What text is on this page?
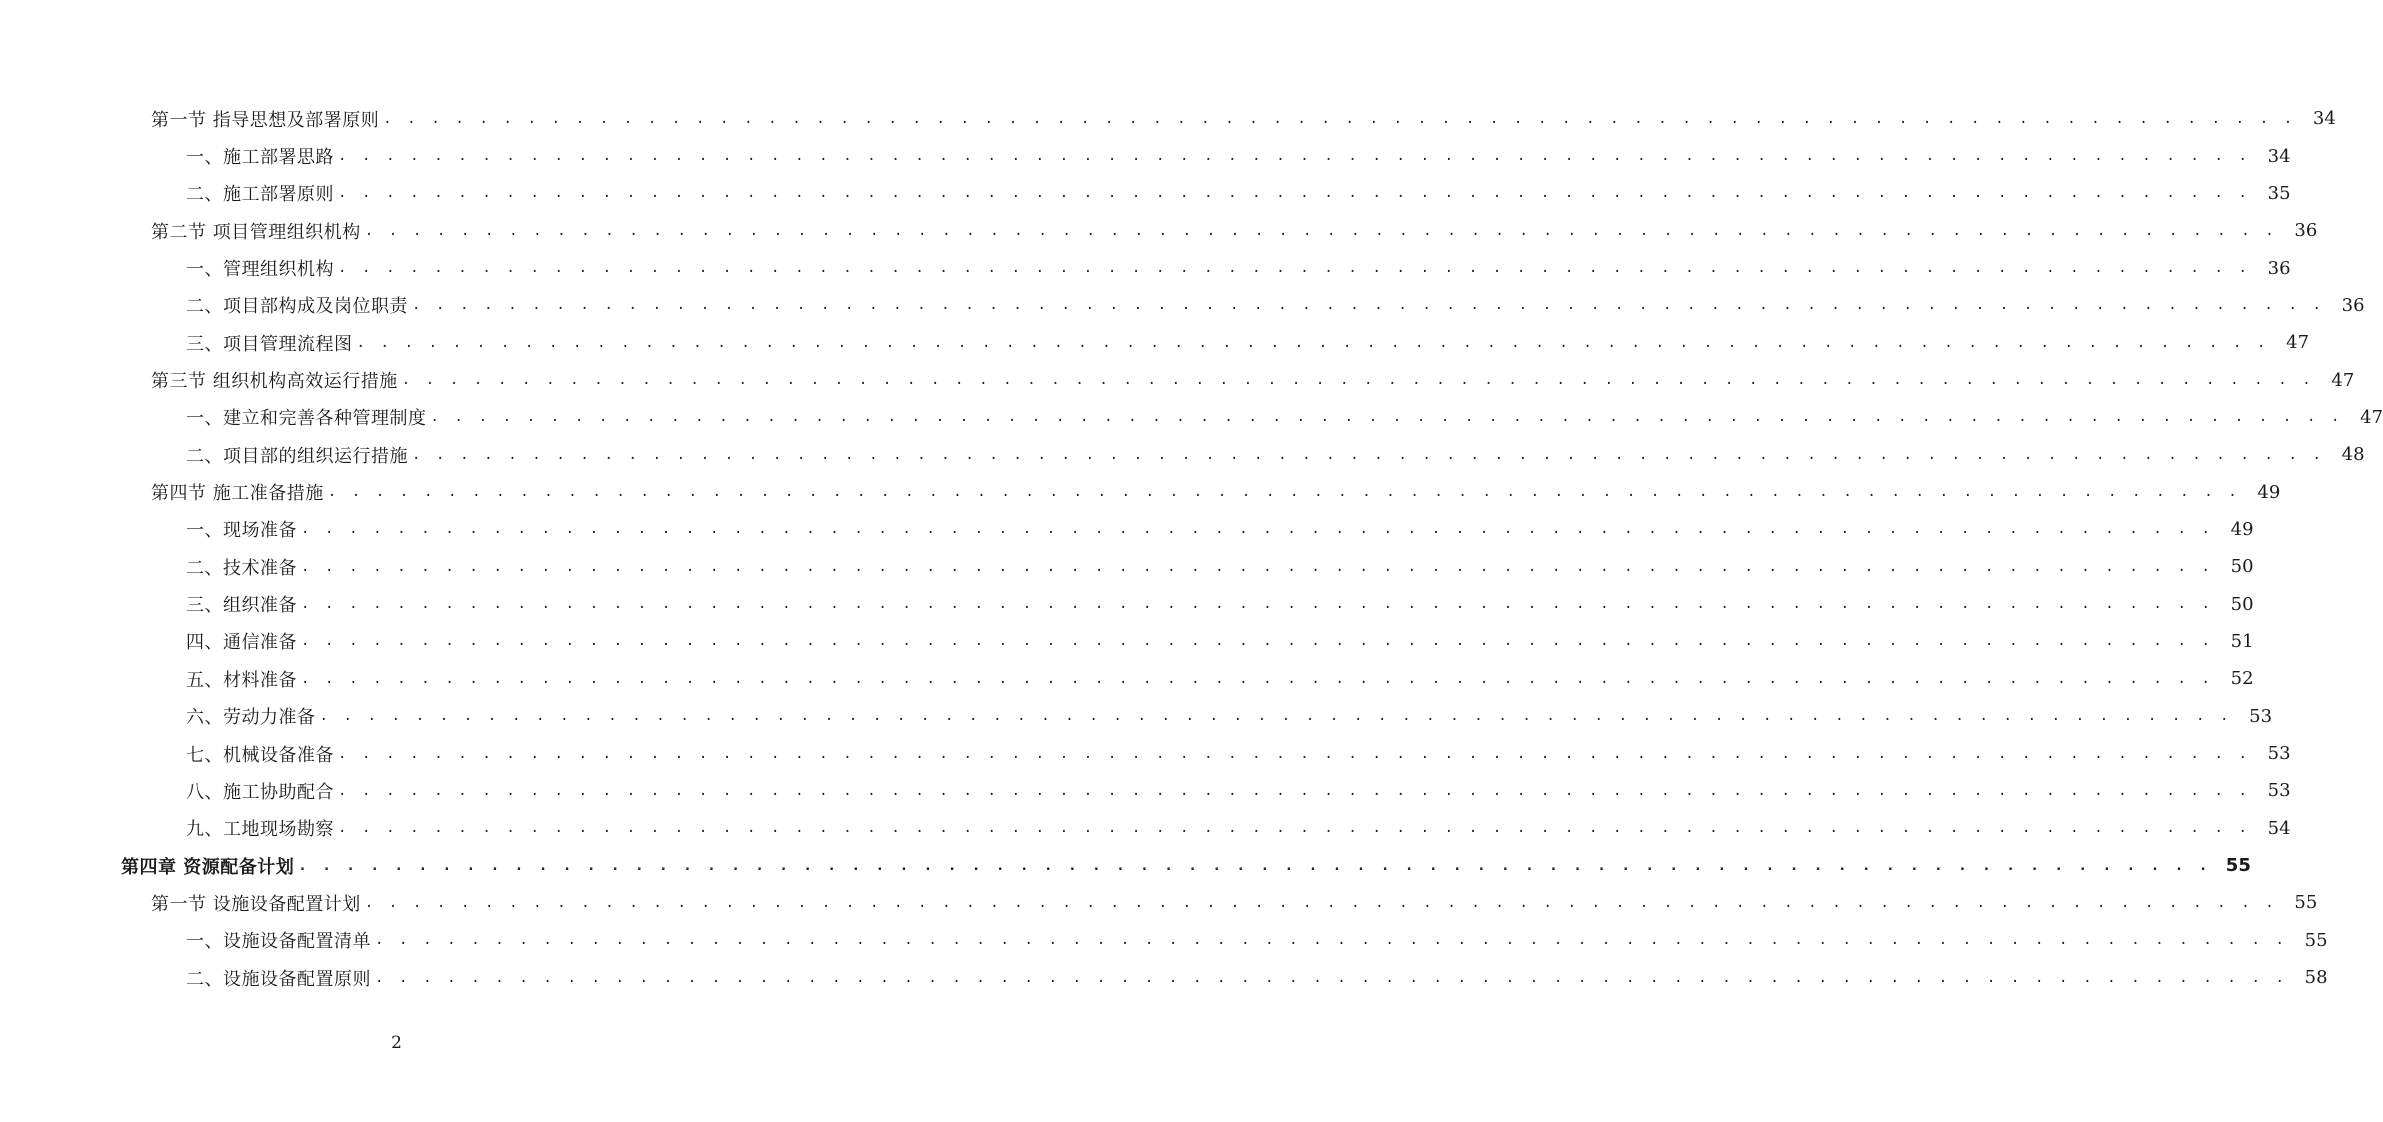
第一节 指导思想及部署原则 . . . . . . . . . . . . . . . . . . . . . . . . . . . . . . . . . . . . . . . . . . . . . . . . . . . . . . . . . . . . . . . . . . . . . . . . . . . . . . . . 34
一、施工部署思路 . . . . . . . . . . . . . . . . . . . . . . . . . . . . . . . . . . . . . . . . . . . . . . . . . . . . . . . . . . . . . . . . . . . . . . . . . . . . . . . . 34
二、施工部署原则 . . . . . . . . . . . . . . . . . . . . . . . . . . . . . . . . . . . . . . . . . . . . . . . . . . . . . . . . . . . . . . . . . . . . . . . . . . . . . . . . 35
第二节 项目管理组织机构 . . . . . . . . . . . . . . . . . . . . . . . . . . . . . . . . . . . . . . . . . . . . . . . . . . . . . . . . . . . . . . . . . . . . . . . . . . . . . . . . 36
一、管理组织机构 . . . . . . . . . . . . . . . . . . . . . . . . . . . . . . . . . . . . . . . . . . . . . . . . . . . . . . . . . . . . . . . . . . . . . . . . . . . . . . . . 36
二、项目部构成及岗位职责 . . . . . . . . . . . . . . . . . . . . . . . . . . . . . . . . . . . . . . . . . . . . . . . . . . . . . . . . . . . . . . . . . . . . . . . . . . . . . . . . 36
三、项目管理流程图 . . . . . . . . . . . . . . . . . . . . . . . . . . . . . . . . . . . . . . . . . . . . . . . . . . . . . . . . . . . . . . . . . . . . . . . . . . . . . . . . 47
第三节 组织机构高效运行措施 . . . . . . . . . . . . . . . . . . . . . . . . . . . . . . . . . . . . . . . . . . . . . . . . . . . . . . . . . . . . . . . . . . . . . . . . . . . . . . . . 47
一、建立和完善各种管理制度 . . . . . . . . . . . . . . . . . . . . . . . . . . . . . . . . . . . . . . . . . . . . . . . . . . . . . . . . . . . . . . . . . . . . . . . . . . . . . . . . 47
二、项目部的组织运行措施 . . . . . . . . . . . . . . . . . . . . . . . . . . . . . . . . . . . . . . . . . . . . . . . . . . . . . . . . . . . . . . . . . . . . . . . . . . . . . . . . 48
第四节 施工准备措施 . . . . . . . . . . . . . . . . . . . . . . . . . . . . . . . . . . . . . . . . . . . . . . . . . . . . . . . . . . . . . . . . . . . . . . . . . . . . . . . . 49
一、现场准备 . . . . . . . . . . . . . . . . . . . . . . . . . . . . . . . . . . . . . . . . . . . . . . . . . . . . . . . . . . . . . . . . . . . . . . . . . . . . . . . . 49
二、技术准备 . . . . . . . . . . . . . . . . . . . . . . . . . . . . . . . . . . . . . . . . . . . . . . . . . . . . . . . . . . . . . . . . . . . . . . . . . . . . . . . . 50
三、组织准备 . . . . . . . . . . . . . . . . . . . . . . . . . . . . . . . . . . . . . . . . . . . . . . . . . . . . . . . . . . . . . . . . . . . . . . . . . . . . . . . . 50
四、通信准备 . . . . . . . . . . . . . . . . . . . . . . . . . . . . . . . . . . . . . . . . . . . . . . . . . . . . . . . . . . . . . . . . . . . . . . . . . . . . . . . . 51
五、材料准备 . . . . . . . . . . . . . . . . . . . . . . . . . . . . . . . . . . . . . . . . . . . . . . . . . . . . . . . . . . . . . . . . . . . . . . . . . . . . . . . . 52
六、劳动力准备 . . . . . . . . . . . . . . . . . . . . . . . . . . . . . . . . . . . . . . . . . . . . . . . . . . . . . . . . . . . . . . . . . . . . . . . . . . . . . . . . 53
七、机械设备准备 . . . . . . . . . . . . . . . . . . . . . . . . . . . . . . . . . . . . . . . . . . . . . . . . . . . . . . . . . . . . . . . . . . . . . . . . . . . . . . . . 53
八、施工协助配合 . . . . . . . . . . . . . . . . . . . . . . . . . . . . . . . . . . . . . . . . . . . . . . . . . . . . . . . . . . . . . . . . . . . . . . . . . . . . . . . . 53
九、工地现场勘察 . . . . . . . . . . . . . . . . . . . . . . . . . . . . . . . . . . . . . . . . . . . . . . . . . . . . . . . . . . . . . . . . . . . . . . . . . . . . . . . . 54
第四章 资源配备计划 . . . . . . . . . . . . . . . . . . . . . . . . . . . . . . . . . . . . . . . . . . . . . . . . . . . . . . . . . . . . . . . . . . . . . . . . . . . . . . . . 55
第一节 设施设备配置计划 . . . . . . . . . . . . . . . . . . . . . . . . . . . . . . . . . . . . . . . . . . . . . . . . . . . . . . . . . . . . . . . . . . . . . . . . . . . . . . . . 55
一、设施设备配置清单 . . . . . . . . . . . . . . . . . . . . . . . . . . . . . . . . . . . . . . . . . . . . . . . . . . . . . . . . . . . . . . . . . . . . . . . . . . . . . . . . 55
二、设施设备配置原则 . . . . . . . . . . . . . . . . . . . . . . . . . . . . . . . . . . . . . . . . . . . . . . . . . . . . . . . . . . . . . . . . . . . . . . . . . . . . . . . . 58
2
